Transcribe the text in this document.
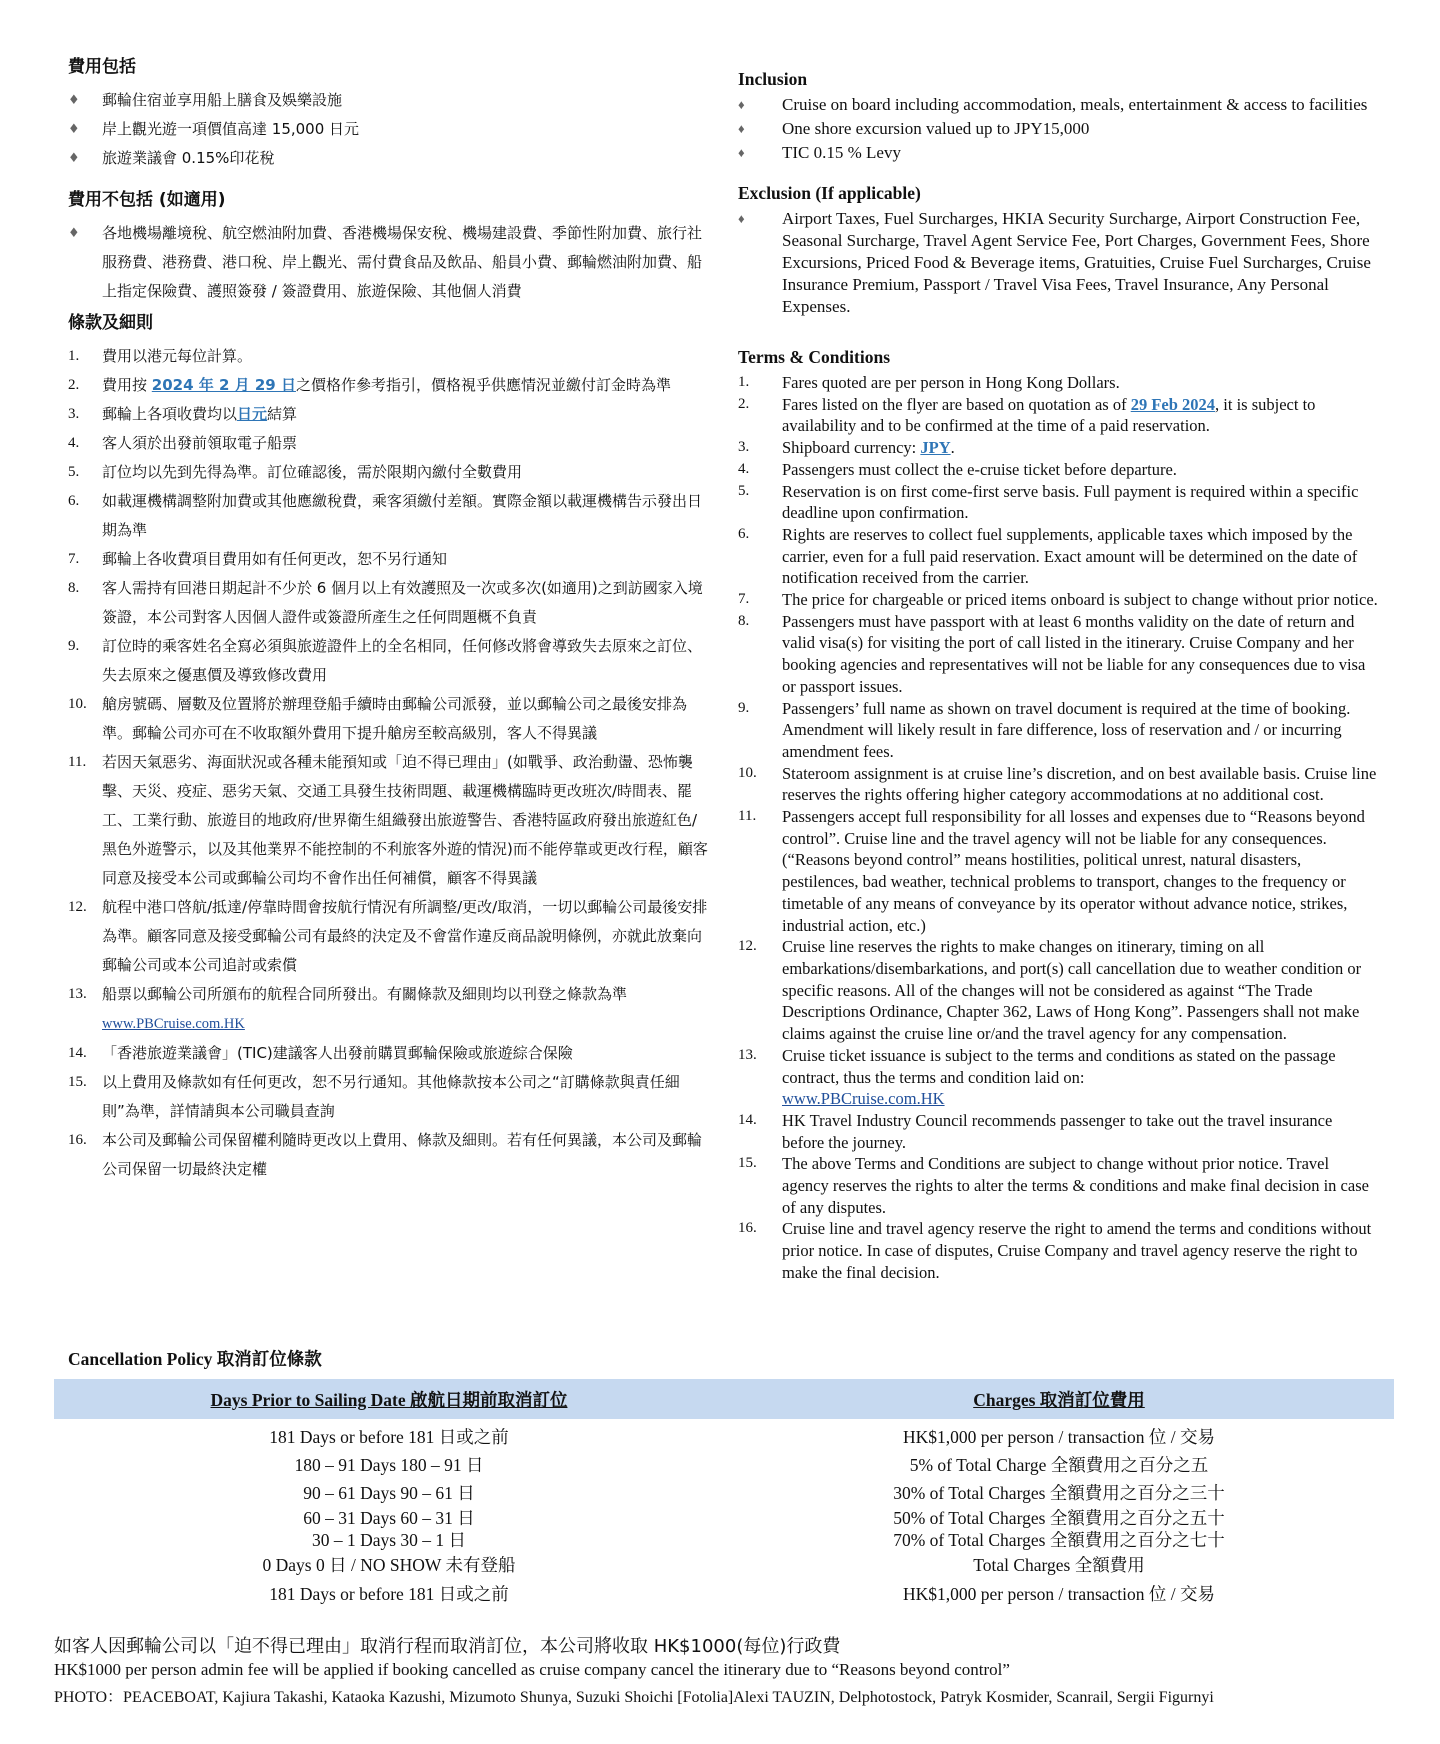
費用包括
♦	郵輪住宿並享用船上膳食及娛樂設施
♦	岸上觀光遊一項價值高達 15,000 日元
♦	旅遊業議會 0.15%印花稅
費用不包括 (如適用)
♦	各地機場離境稅、航空燃油附加費、香港機場保安稅、機場建設費、季節性附加費、旅行社服務費、港務費、港口稅、岸上觀光、需付費食品及飲品、船員小費、郵輪燃油附加費、船上指定保險費、護照簽發 / 簽證費用、旅遊保險、其他個人消費
條款及細則
1.	費用以港元每位計算。
2.	費用按 2024 年 2 月 29 日之價格作參考指引，價格視乎供應情況並繳付訂金時為準
3.	郵輪上各項收費均以日元結算
4.	客人須於出發前領取電子船票
5.	訂位均以先到先得為準。訂位確認後，需於限期內繳付全數費用
6.	如載運機構調整附加費或其他應繳稅費，乘客須繳付差額。實際金額以載運機構告示發出日期為準
7.	郵輪上各收費項目費用如有任何更改，恕不另行通知
8.	客人需持有回港日期起計不少於 6 個月以上有效護照及一次或多次(如適用)之到訪國家入境簽證，本公司對客人因個人證件或簽證所產生之任何問題概不負責
9.	訂位時的乘客姓名全寫必須與旅遊證件上的全名相同，任何修改將會導致失去原來之訂位、失去原來之優惠價及導致修改費用
10.	艙房號碼、層數及位置將於辦理登船手續時由郵輪公司派發，並以郵輪公司之最後安排為準。郵輪公司亦可在不收取額外費用下提升艙房至較高級別，客人不得異議
11.	若因天氣惡劣、海面狀況或各種未能預知或「迫不得已理由」(如戰爭、政治動盪、恐怖襲擊、天災、疫症、惡劣天氣、交通工具發生技術問題、載運機構臨時更改班次/時間表、罷工、工業行動、旅遊目的地政府/世界衛生組織發出旅遊警告、香港特區政府發出旅遊紅色/黑色外遊警示，以及其他業界不能控制的不利旅客外遊的情況)而不能停靠或更改行程，顧客同意及接受本公司或郵輪公司均不會作出任何補償，顧客不得異議
12.	航程中港口啓航/抵達/停靠時間會按航行情況有所調整/更改/取消，一切以郵輪公司最後安排為準。顧客同意及接受郵輪公司有最終的決定及不會當作違反商品說明條例，亦就此放棄向郵輪公司或本公司追討或索償
13.	船票以郵輪公司所頒布的航程合同所發出。有關條款及細則均以刊登之條款為準
www.PBCruise.com.HK
14.	「香港旅遊業議會」(TIC)建議客人出發前購買郵輪保險或旅遊綜合保險
15.	以上費用及條款如有任何更改，恕不另行通知。其他條款按本公司之“訂購條款與責任細則”為準，詳情請與本公司職員查詢
16.	本公司及郵輪公司保留權利隨時更改以上費用、條款及細則。若有任何異議，本公司及郵輪公司保留一切最終決定權
Inclusion
♦	Cruise on board including accommodation, meals, entertainment & access to facilities
♦	One shore excursion valued up to JPY15,000
♦	TIC 0.15 % Levy
Exclusion (If applicable)
♦	Airport Taxes, Fuel Surcharges, HKIA Security Surcharge, Airport Construction Fee, Seasonal Surcharge, Travel Agent Service Fee, Port Charges, Government Fees, Shore Excursions, Priced Food & Beverage items, Gratuities, Cruise Fuel Surcharges, Cruise Insurance Premium, Passport / Travel Visa Fees, Travel Insurance, Any Personal Expenses.
Terms & Conditions
1.	Fares quoted are per person in Hong Kong Dollars.
2.	Fares listed on the flyer are based on quotation as of 29 Feb 2024, it is subject to availability and to be confirmed at the time of a paid reservation.
3.	Shipboard currency: JPY.
4.	Passengers must collect the e-cruise ticket before departure.
5.	Reservation is on first come-first serve basis. Full payment is required within a specific deadline upon confirmation.
6.	Rights are reserves to collect fuel supplements, applicable taxes which imposed by the carrier, even for a full paid reservation. Exact amount will be determined on the date of notification received from the carrier.
7.	The price for chargeable or priced items onboard is subject to change without prior notice.
8.	Passengers must have passport with at least 6 months validity on the date of return and valid visa(s) for visiting the port of call listed in the itinerary. Cruise Company and her booking agencies and representatives will not be liable for any consequences due to visa or passport issues.
9.	Passengers’ full name as shown on travel document is required at the time of booking. Amendment will likely result in fare difference, loss of reservation and / or incurring amendment fees.
10.	Stateroom assignment is at cruise line’s discretion, and on best available basis. Cruise line reserves the rights offering higher category accommodations at no additional cost.
11.	Passengers accept full responsibility for all losses and expenses due to “Reasons beyond control”. Cruise line and the travel agency will not be liable for any consequences. (“Reasons beyond control” means hostilities, political unrest, natural disasters, pestilences, bad weather, technical problems to transport, changes to the frequency or timetable of any means of conveyance by its operator without advance notice, strikes, industrial action, etc.)
12.	Cruise line reserves the rights to make changes on itinerary, timing on all embarkations/disembarkations, and port(s) call cancellation due to weather condition or specific reasons. All of the changes will not be considered as against “The Trade Descriptions Ordinance, Chapter 362, Laws of Hong Kong”. Passengers shall not make claims against the cruise line or/and the travel agency for any compensation.
13.	Cruise ticket issuance is subject to the terms and conditions as stated on the passage contract, thus the terms and condition laid on:
www.PBCruise.com.HK
14.	HK Travel Industry Council recommends passenger to take out the travel insurance before the journey.
15.	The above Terms and Conditions are subject to change without prior notice. Travel agency reserves the rights to alter the terms & conditions and make final decision in case of any disputes.
16.	Cruise line and travel agency reserve the right to amend the terms and conditions without prior notice. In case of disputes, Cruise Company and travel agency reserve the right to make the final decision.
Cancellation Policy 取消訂位條款
Days Prior to Sailing Date 啟航日期前取消訂位	Charges 取消訂位費用
181 Days or before 181 日或之前	HK$1,000 per person / transaction 位 / 交易
180 – 91 Days 180 – 91 日	5% of Total Charge 全額費用之百分之五
90 – 61 Days 90 – 61 日	30% of Total Charges 全額費用之百分之三十
60 – 31 Days 60 – 31 日	50% of Total Charges 全額費用之百分之五十
30 – 1 Days 30 – 1 日	70% of Total Charges 全額費用之百分之七十
0 Days 0 日 / NO SHOW 未有登船	Total Charges 全額費用
181 Days or before 181 日或之前	HK$1,000 per person / transaction 位 / 交易
如客人因郵輪公司以「迫不得已理由」取消行程而取消訂位，本公司將收取 HK$1000(每位)行政費
HK$1000 per person admin fee will be applied if booking cancelled as cruise company cancel the itinerary due to “Reasons beyond control”
PHOTO：PEACEBOAT, Kajiura Takashi, Kataoka Kazushi, Mizumoto Shunya, Suzuki Shoichi [Fotolia]Alexi TAUZIN, Delphotostock, Patryk Kosmider, Scanrail, Sergii Figurnyi
